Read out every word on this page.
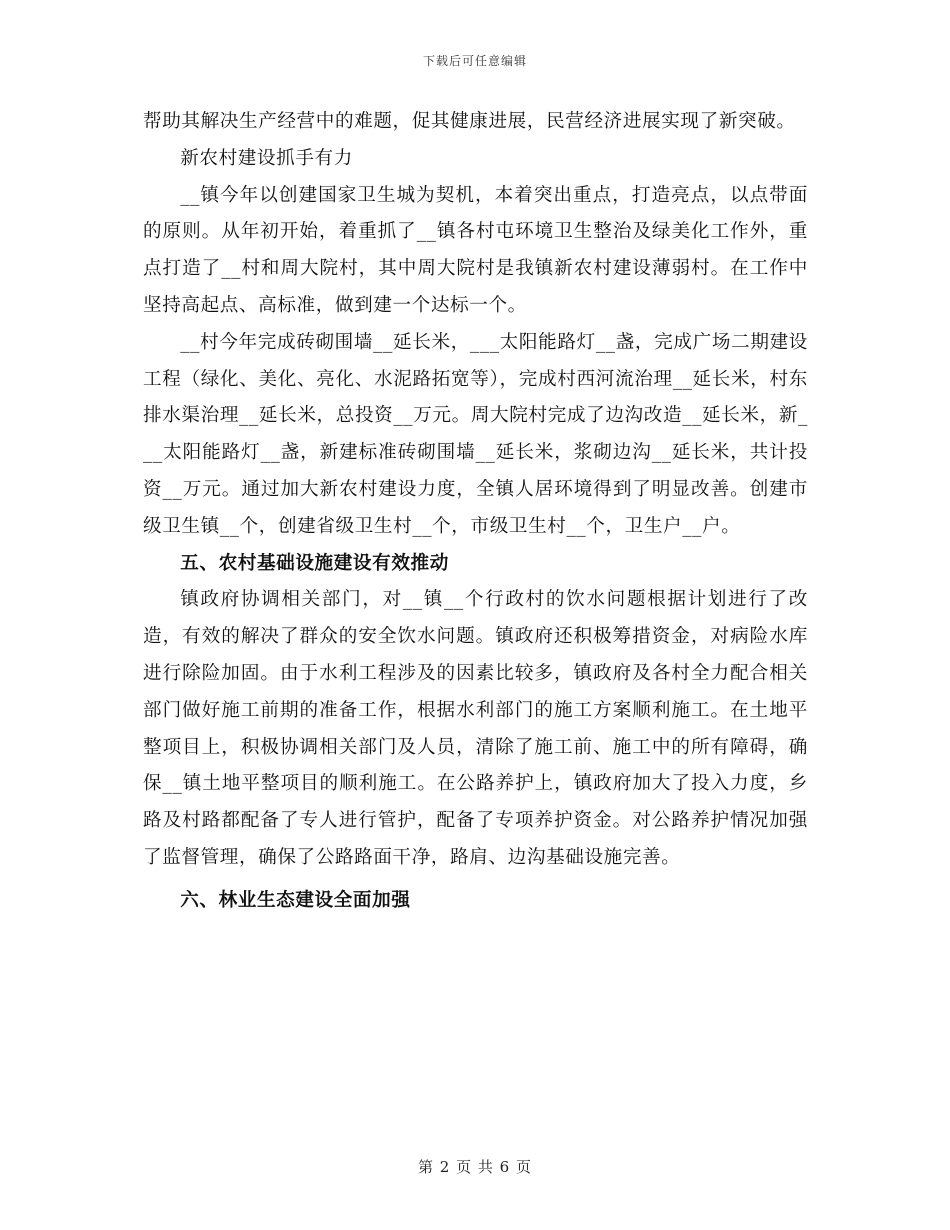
下载后可任意编辑

帮助其解决生产经营中的难题，促其健康进展，民营经济进展实现了新突破。

新农村建设抓手有力

__镇今年以创建国家卫生城为契机，本着突出重点，打造亮点，以点带面的原则。从年初开始，着重抓了__镇各村屯环境卫生整治及绿美化工作外，重点打造了__村和周大院村，其中周大院村是我镇新农村建设薄弱村。在工作中坚持高起点、高标准，做到建一个达标一个。

__村今年完成砖砌围墙__延长米，___太阳能路灯__盏，完成广场二期建设工程（绿化、美化、亮化、水泥路拓宽等），完成村西河流治理__延长米，村东排水渠治理__延长米，总投资__万元。周大院村完成了边沟改造__延长米，新___太阳能路灯__盏，新建标准砖砌围墙__延长米，浆砌边沟__延长米，共计投资__万元。通过加大新农村建设力度，全镇人居环境得到了明显改善。创建市级卫生镇__个，创建省级卫生村__个，市级卫生村__个，卫生户__户。

五、农村基础设施建设有效推动

镇政府协调相关部门，对__镇__个行政村的饮水问题根据计划进行了改造，有效的解决了群众的安全饮水问题。镇政府还积极筹措资金，对病险水库进行除险加固。由于水利工程涉及的因素比较多，镇政府及各村全力配合相关部门做好施工前期的准备工作，根据水利部门的施工方案顺利施工。在土地平整项目上，积极协调相关部门及人员，清除了施工前、施工中的所有障碍，确保__镇土地平整项目的顺利施工。在公路养护上，镇政府加大了投入力度，乡路及村路都配备了专人进行管护，配备了专项养护资金。对公路养护情况加强了监督管理，确保了公路路面干净，路肩、边沟基础设施完善。

六、林业生态建设全面加强

第 2 页 共 6 页
